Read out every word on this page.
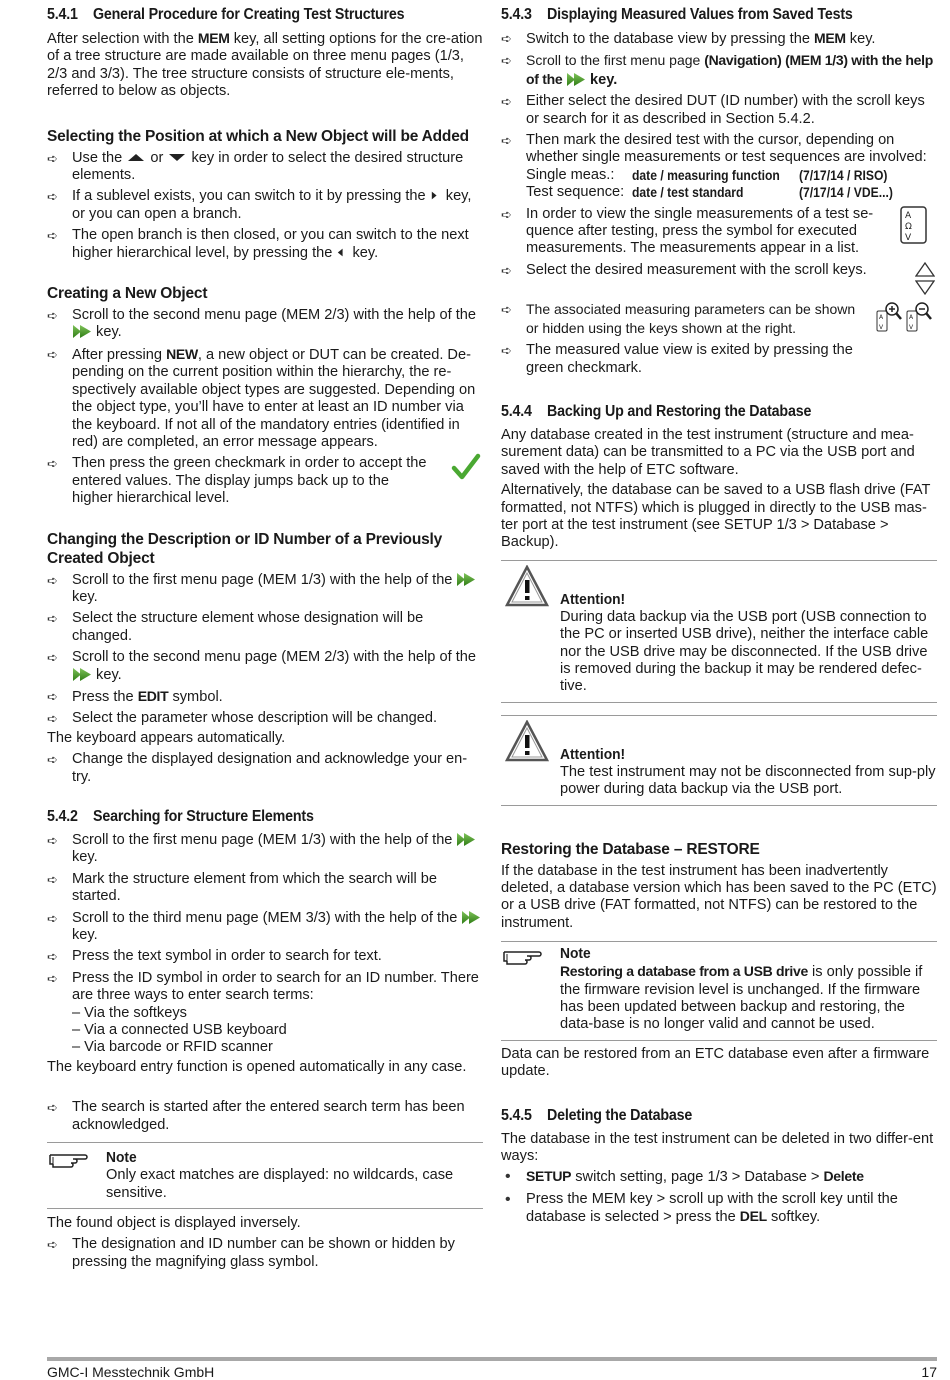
5.4.1 General Procedure for Creating Test Structures

After selection with the MEM key, all setting options for the cre-ation of a tree structure are made available on three menu pages (1/3, 2/3 and 3/3). The tree structure consists of structure ele-ments, referred to below as objects.

Selecting the Position at which a New Object will be Added
➪ Use the  or  key in order to select the desired structure elements.
➪ If a sublevel exists, you can switch to it by pressing the  key, or you can open a branch.
➪ The open branch is then closed, or you can switch to the next higher hierarchical level, by pressing the  key.
Creating a New Object
➪ Scroll to the second menu page (MEM 2/3) with the help of the  key.
➪ After pressing NEW, a new object or DUT can be created. De-pending on the current position within the hierarchy, the re-spectively available object types are suggested. Depending on the object type, you’ll have to enter at least an ID number via the keyboard. If not all of the mandatory entries (identified in red) are completed, an error message appears.
➪ Then press the green checkmark in order to accept the entered values. The display jumps back up to the higher hierarchical level.
Changing the Description or ID Number of a Previously Created Object
➪ Scroll to the first menu page (MEM 1/3) with the help of the  key.
➪ Select the structure element whose designation will be changed.
➪ Scroll to the second menu page (MEM 2/3) with the help of the  key.
➪ Press the EDIT symbol.
➪ Select the parameter whose description will be changed.

The keyboard appears automatically.

➪ Change the displayed designation and acknowledge your en-try.
5.4.2 Searching for Structure Elements
➪ Scroll to the first menu page (MEM 1/3) with the help of the  key.
➪ Mark the structure element from which the search will be started.
➪ Scroll to the third menu page (MEM 3/3) with the help of the  key.
➪ Press the text symbol in order to search for text.
➪ Press the ID symbol in order to search for an ID number. There are three ways to enter search terms:
– Via the softkeys
– Via a connected USB keyboard
– Via barcode or RFID scanner

The keyboard entry function is opened automatically in any case.

➪ The search is started after the entered search term has been acknowledged.
Note

Only exact matches are displayed: no wildcards, case sensitive.

The found object is displayed inversely.

➪ The designation and ID number can be shown or hidden by pressing the magnifying glass symbol.
5.4.3 Displaying Measured Values from Saved Tests
➪ Switch to the database view by pressing the MEM key.
➪ Scroll to the first menu page (Navigation) (MEM 1/3) with the help of the  key.
➪ Either select the desired DUT (ID number) with the scroll keys or search for it as described in Section 5.4.2.
➪ Then mark the desired test with the cursor, depending on whether single measurements or test sequences are involved:
Single meas.:	date / measuring function (7/17/14 / RISO)
Test sequence: date / test standard	(7/17/14 / VDE...)
➪ In order to view the single measurements of a test se-quence after testing, press the symbol for executed measurements. The measurements appear in a list.
A
Ω
V
➪ Select the desired measurement with the scroll keys.
➪ The associated measuring parameters can be shown or hidden using the keys shown at the right.
A
V
A
V
➪ The measured value view is exited by pressing the green checkmark.
5.4.4 Backing Up and Restoring the Database

Any database created in the test instrument (structure and mea-surement data) can be transmitted to a PC via the USB port and saved with the help of ETC software.

Alternatively, the database can be saved to a USB flash drive (FAT formatted, not NTFS) which is plugged in directly to the USB mas-ter port at the test instrument (see SETUP 1/3 > Database > Backup).

Attention!

During data backup via the USB port (USB connection to the PC or inserted USB drive), neither the interface cable nor the USB drive may be disconnected. If the USB drive is removed during the backup it may be rendered defec-tive.

Attention!

The test instrument may not be disconnected from sup-ply power during data backup via the USB port.

Restoring the Database – RESTORE

If the database in the test instrument has been inadvertently deleted, a database version which has been saved to the PC (ETC) or a USB drive (FAT formatted, not NTFS) can be restored to the instrument.

Note

Restoring a database from a USB drive is only possible if the firmware revision level is unchanged. If the firmware has been updated between backup and restoring, the data-base is no longer valid and cannot be used.

Data can be restored from an ETC database even after a firmware update.

5.4.5 Deleting the Database

The database in the test instrument can be deleted in two differ-ent ways:

• SETUP switch setting, page 1/3 > Database > Delete
• Press the MEM key > scroll up with the scroll key until the database is selected > press the DEL softkey.
GMC-I Messtechnik GmbH	17
